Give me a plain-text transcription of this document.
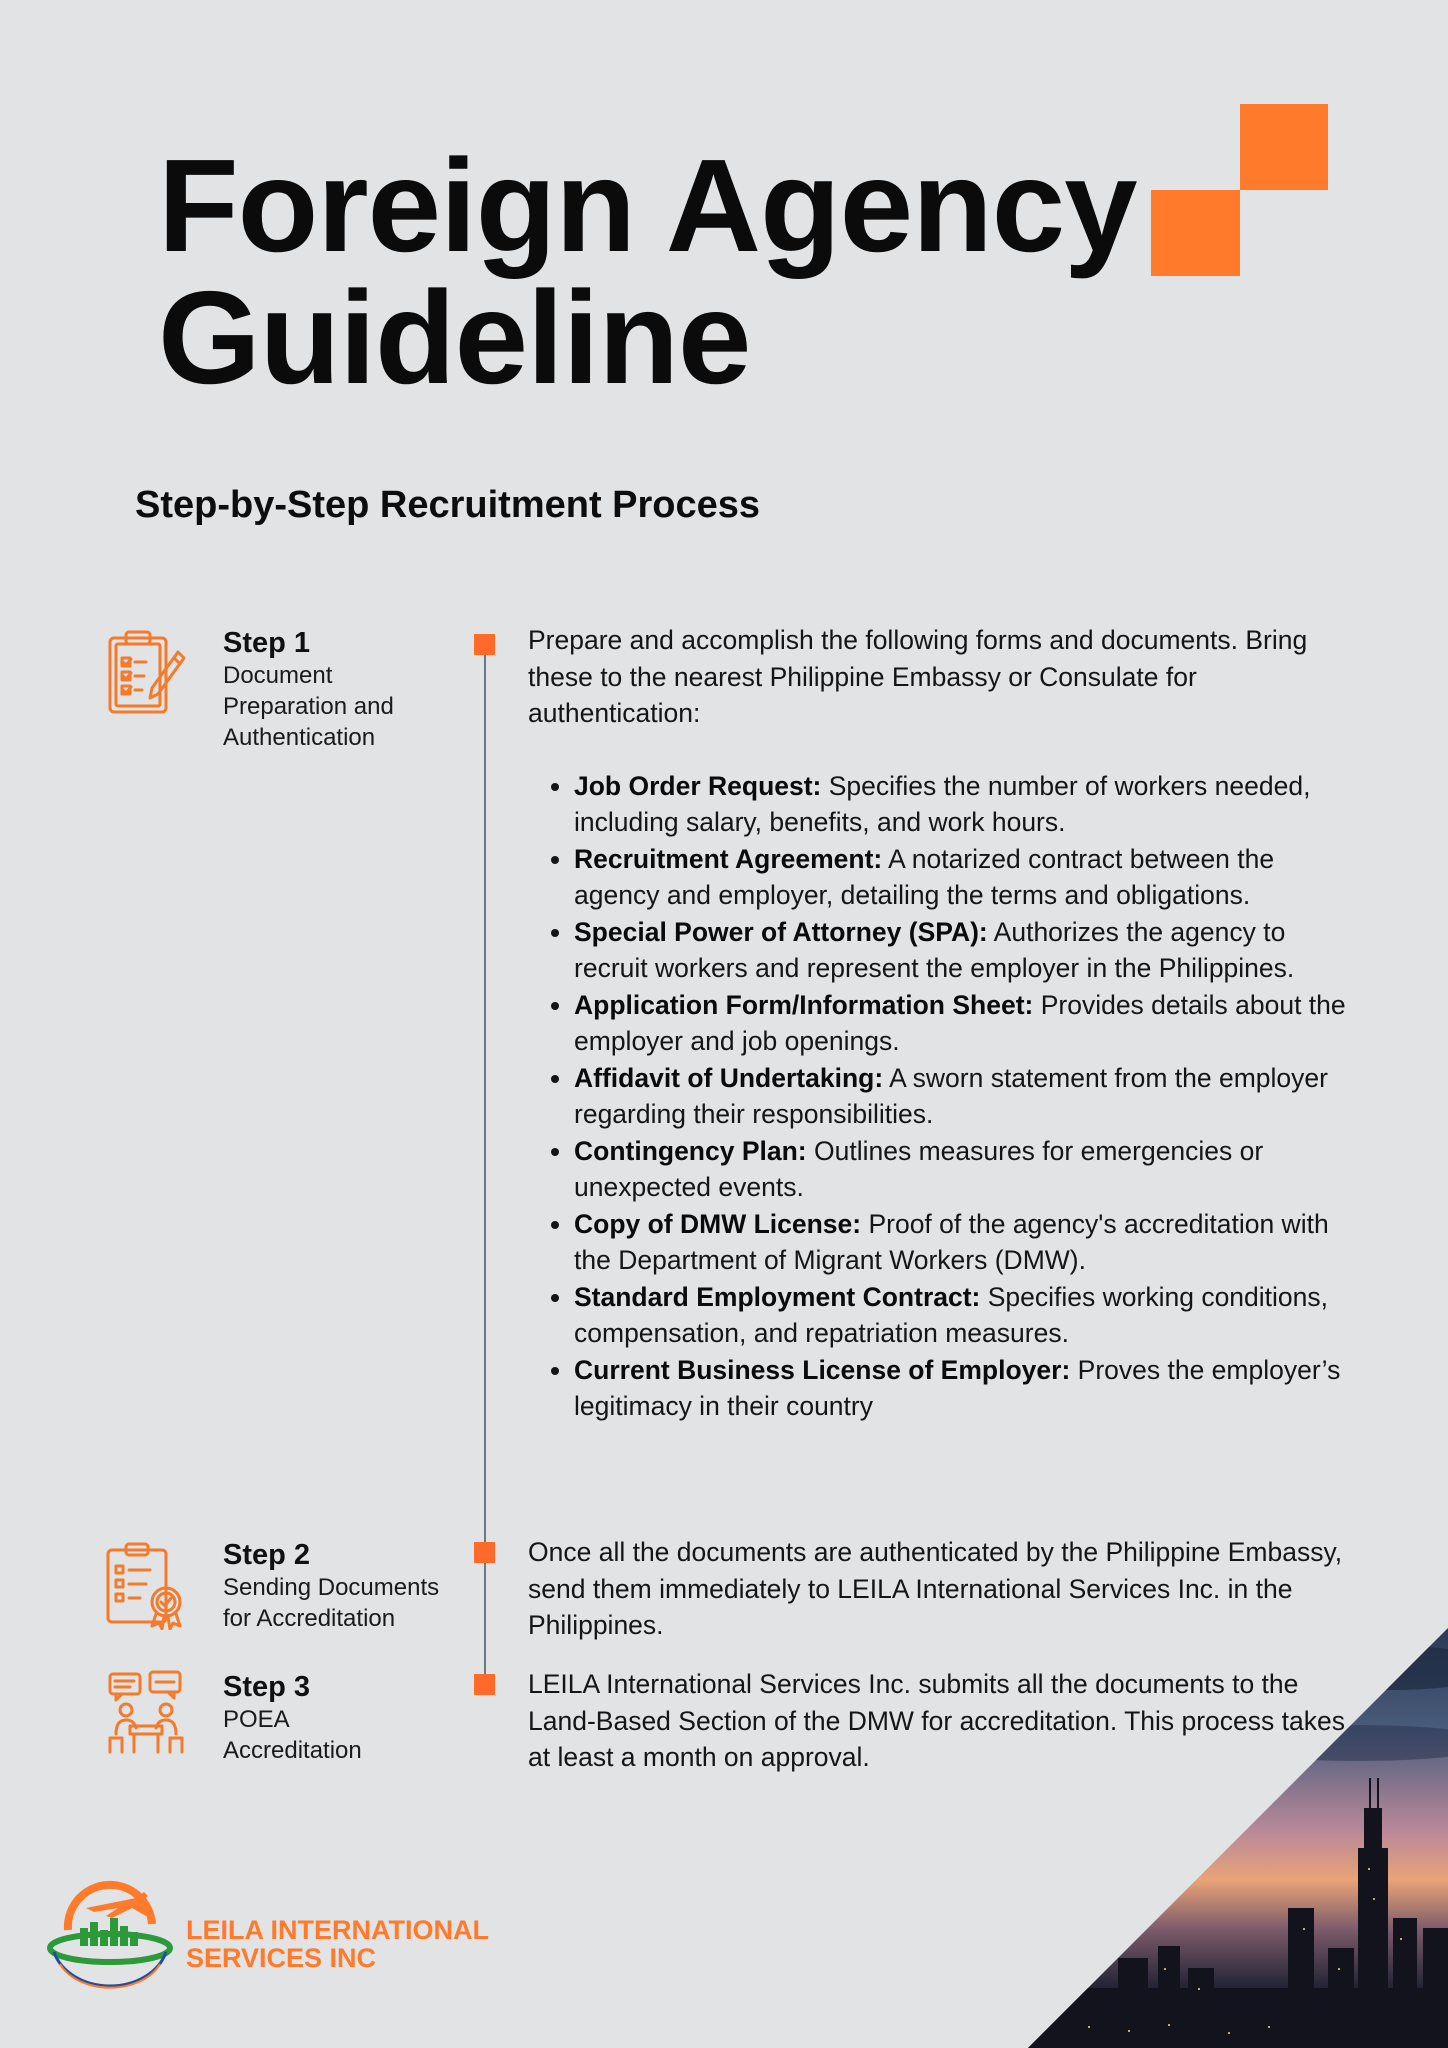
Foreign Agency
Guideline
Step-by-Step Recruitment Process
Step 1
Document
Preparation and
Authentication

Prepare and accomplish the following forms and documents. Bring these to the nearest Philippine Embassy or Consulate for authentication:

• Job Order Request: Specifies the number of workers needed, including salary, benefits, and work hours.
• Recruitment Agreement: A notarized contract between the agency and employer, detailing the terms and obligations.
• Special Power of Attorney (SPA): Authorizes the agency to recruit workers and represent the employer in the Philippines.
• Application Form/Information Sheet: Provides details about the employer and job openings.
• Affidavit of Undertaking: A sworn statement from the employer regarding their responsibilities.
• Contingency Plan: Outlines measures for emergencies or unexpected events.
• Copy of DMW License: Proof of the agency's accreditation with the Department of Migrant Workers (DMW).
• Standard Employment Contract: Specifies working conditions, compensation, and repatriation measures.
• Current Business License of Employer: Proves the employer’s legitimacy in their country
Step 2
Sending Documents
for Accreditation

Once all the documents are authenticated by the Philippine Embassy, send them immediately to LEILA International Services Inc. in the Philippines.

Step 3
POEA
Accreditation

LEILA International Services Inc. submits all the documents to the Land-Based Section of the DMW for accreditation. This process takes at least a month on approval.

LEILA INTERNATIONAL
SERVICES INC
